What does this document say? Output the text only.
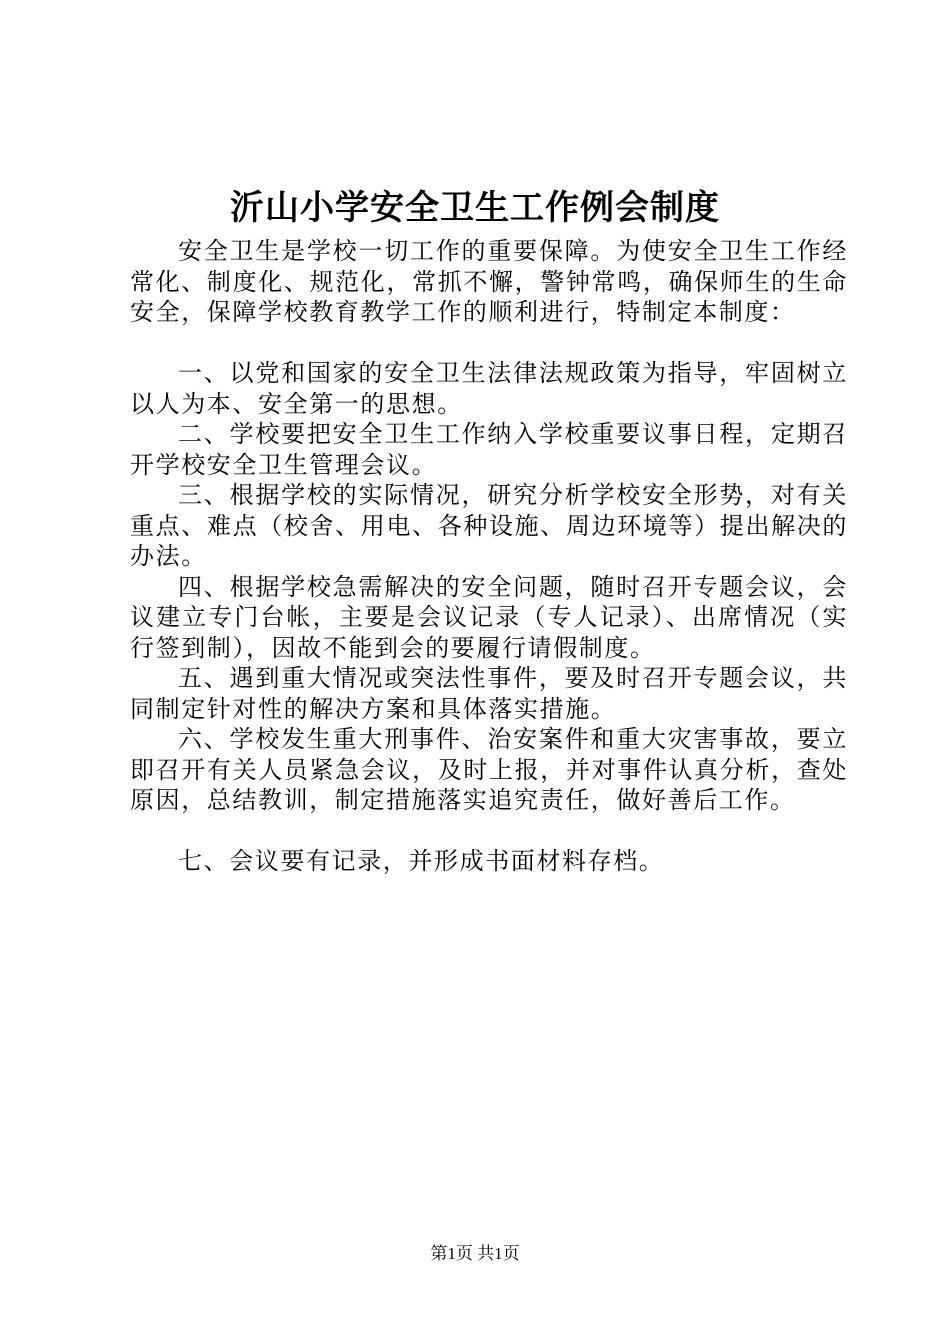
沂山小学安全卫生工作例会制度

安全卫生是学校一切工作的重要保障。为使安全卫生工作经常化、制度化、规范化，常抓不懈，警钟常鸣，确保师生的生命安全，保障学校教育教学工作的顺利进行，特制定本制度：

一、以党和国家的安全卫生法律法规政策为指导，牢固树立以人为本、安全第一的思想。

二、学校要把安全卫生工作纳入学校重要议事日程，定期召开学校安全卫生管理会议。

三、根据学校的实际情况，研究分析学校安全形势，对有关重点、难点（校舍、用电、各种设施、周边环境等）提出解决的办法。

四、根据学校急需解决的安全问题，随时召开专题会议，会议建立专门台帐，主要是会议记录（专人记录）、出席情况（实行签到制），因故不能到会的要履行请假制度。

五、遇到重大情况或突法性事件，要及时召开专题会议，共同制定针对性的解决方案和具体落实措施。

六、学校发生重大刑事件、治安案件和重大灾害事故，要立即召开有关人员紧急会议，及时上报，并对事件认真分析，查处原因，总结教训，制定措施落实追究责任，做好善后工作。

七、会议要有记录，并形成书面材料存档。

第1页 共1页
